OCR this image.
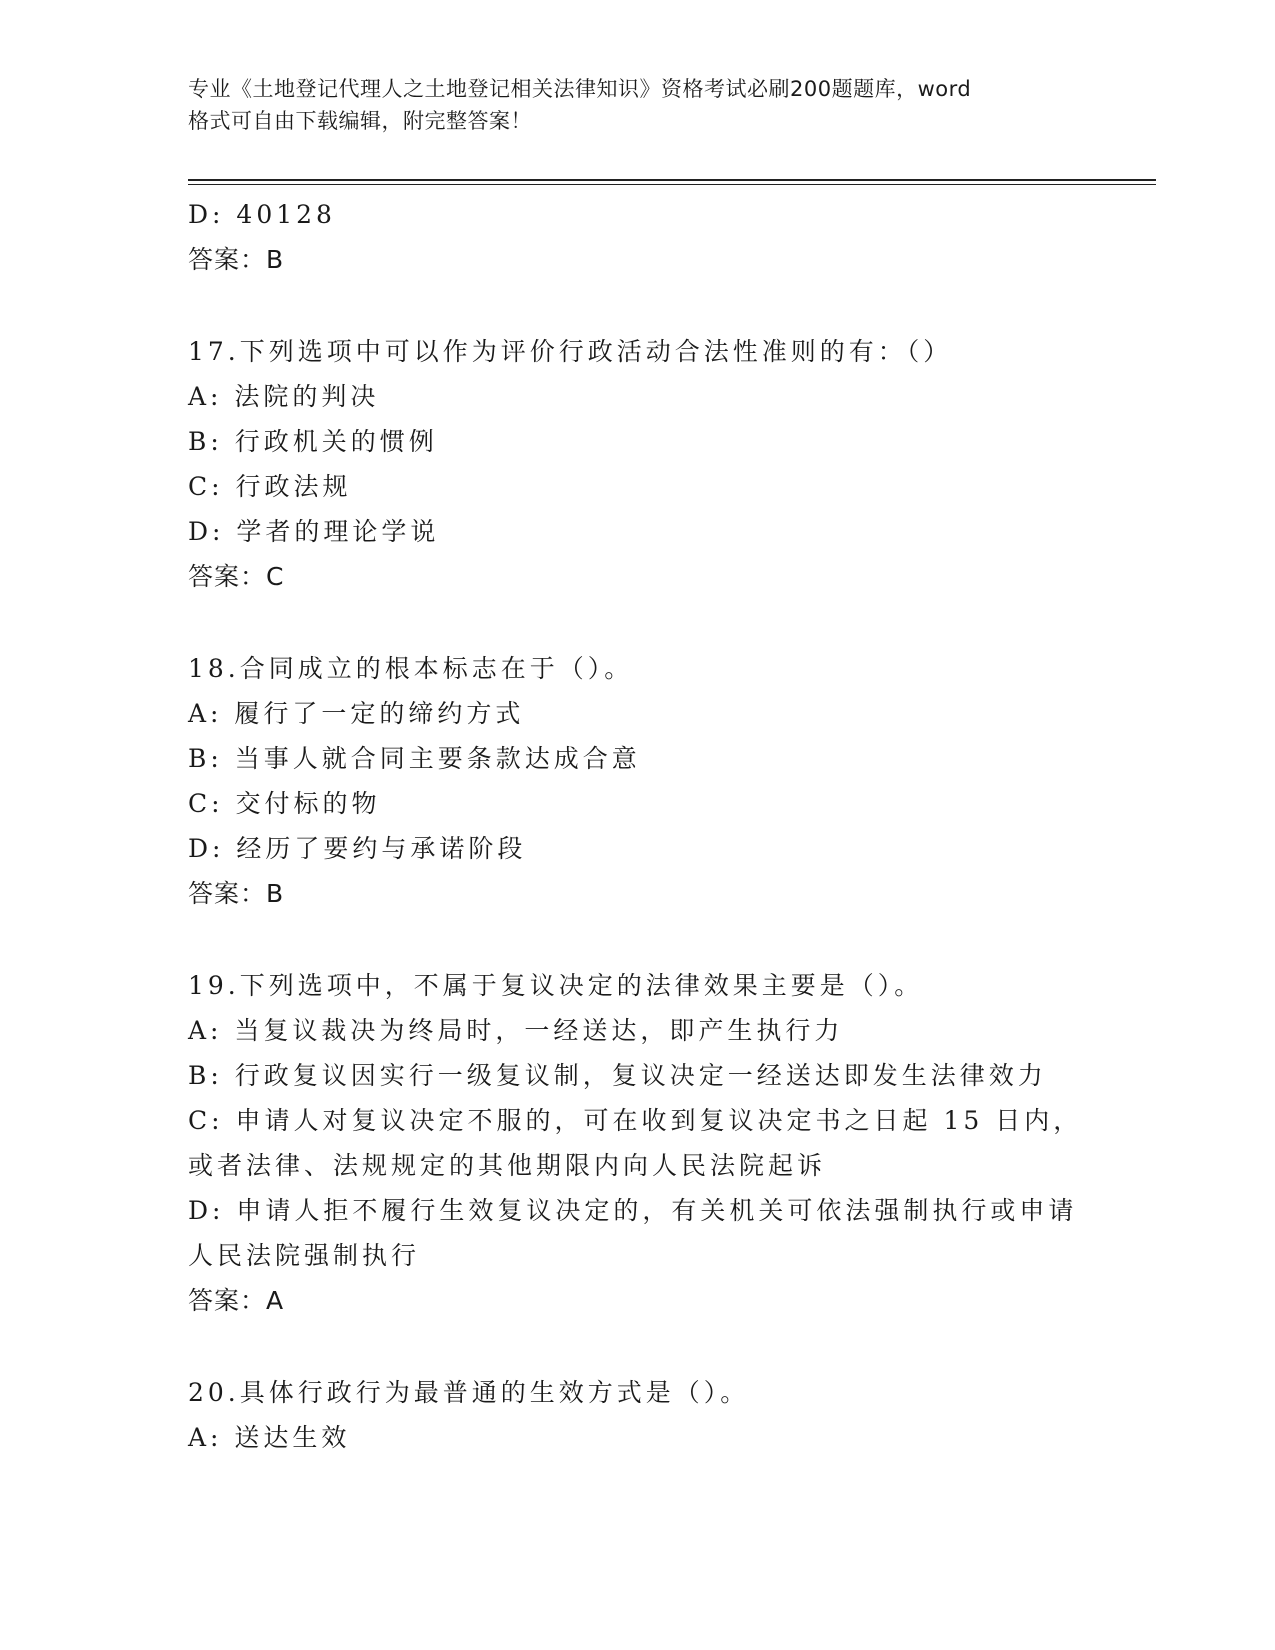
专业《土地登记代理人之土地登记相关法律知识》资格考试必刷200题题库，word
格式可自由下载编辑，附完整答案！
D: 40128
答案：B
17.下列选项中可以作为评价行政活动合法性准则的有：（）
A: 法院的判决
B: 行政机关的惯例
C: 行政法规
D: 学者的理论学说
答案：C
18.合同成立的根本标志在于（）。
A: 履行了一定的缔约方式
B: 当事人就合同主要条款达成合意
C: 交付标的物
D: 经历了要约与承诺阶段
答案：B
19.下列选项中，不属于复议决定的法律效果主要是（）。
A: 当复议裁决为终局时，一经送达，即产生执行力
B: 行政复议因实行一级复议制，复议决定一经送达即发生法律效力
C: 申请人对复议决定不服的，可在收到复议决定书之日起 15 日内，
或者法律、法规规定的其他期限内向人民法院起诉
D: 申请人拒不履行生效复议决定的，有关机关可依法强制执行或申请
人民法院强制执行
答案：A
20.具体行政行为最普通的生效方式是（）。
A: 送达生效
